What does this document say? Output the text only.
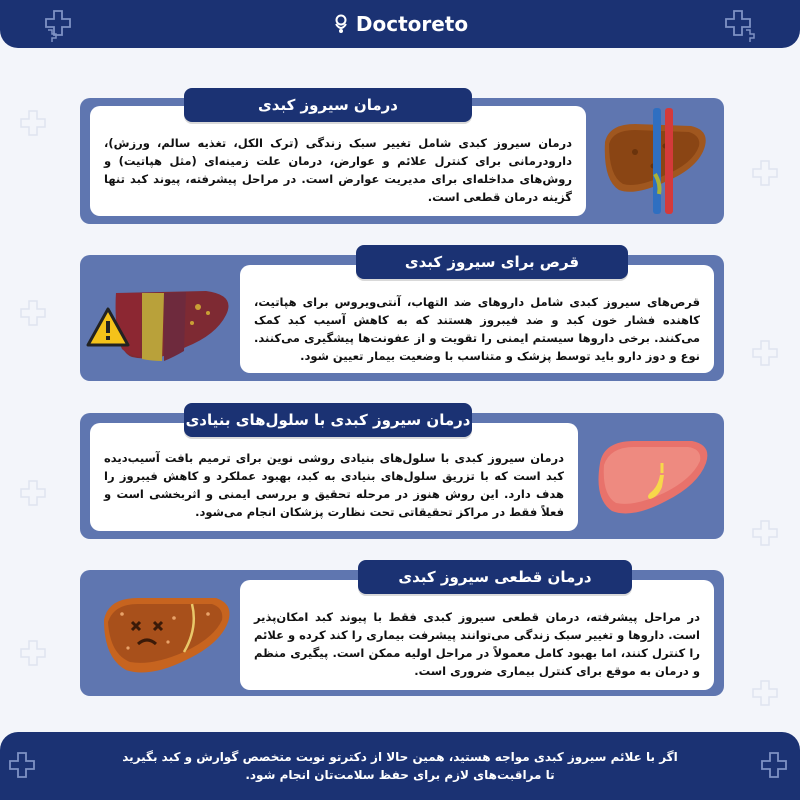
Doctoreto
درمان سیروز کبدی شامل تغییر سبک زندگی (ترک الکل، تغذیه سالم، ورزش)، دارودرمانی برای کنترل علائم و عوارض، درمان علت زمینه‌ای (مثل هپاتیت) و روش‌های مداخله‌ای برای مدیریت عوارض است. در مراحل پیشرفته، پیوند کبد تنها گزینه درمان قطعی است.
درمان سیروز کبدی
قرص‌های سیروز کبدی شامل داروهای ضد التهاب، آنتی‌ویروس برای هپاتیت، کاهنده فشار خون کبد و ضد فیبروز هستند که به کاهش آسیب کبد کمک می‌کنند. برخی داروها سیستم ایمنی را تقویت و از عفونت‌ها پیشگیری می‌کنند. نوع و دوز دارو باید توسط پزشک و متناسب با وضعیت بیمار تعیین شود.
قرص برای سیروز کبدی
درمان سیروز کبدی با سلول‌های بنیادی روشی نوین برای ترمیم بافت آسیب‌دیده کبد است که با تزریق سلول‌های بنیادی به کبد، بهبود عملکرد و کاهش فیبروز را هدف دارد. این روش هنوز در مرحله تحقیق و بررسی ایمنی و اثربخشی است و فعلاً فقط در مراکز تحقیقاتی تحت نظارت پزشکان انجام می‌شود.
درمان سیروز کبدی با سلول‌های بنیادی
در مراحل پیشرفته، درمان قطعی سیروز کبدی فقط با پیوند کبد امکان‌پذیر است. داروها و تغییر سبک زندگی می‌توانند پیشرفت بیماری را کند کرده و علائم را کنترل کنند، اما بهبود کامل معمولاً در مراحل اولیه ممکن است. پیگیری منظم و درمان به موقع برای کنترل بیماری ضروری است.
درمان قطعی سیروز کبدی
اگر با علائم سیروز کبدی مواجه هستید، همین حالا از دکترتو نوبت متخصص گوارش و کبد بگیرید تا مراقبت‌های لازم برای حفظ سلامت‌تان انجام شود.
